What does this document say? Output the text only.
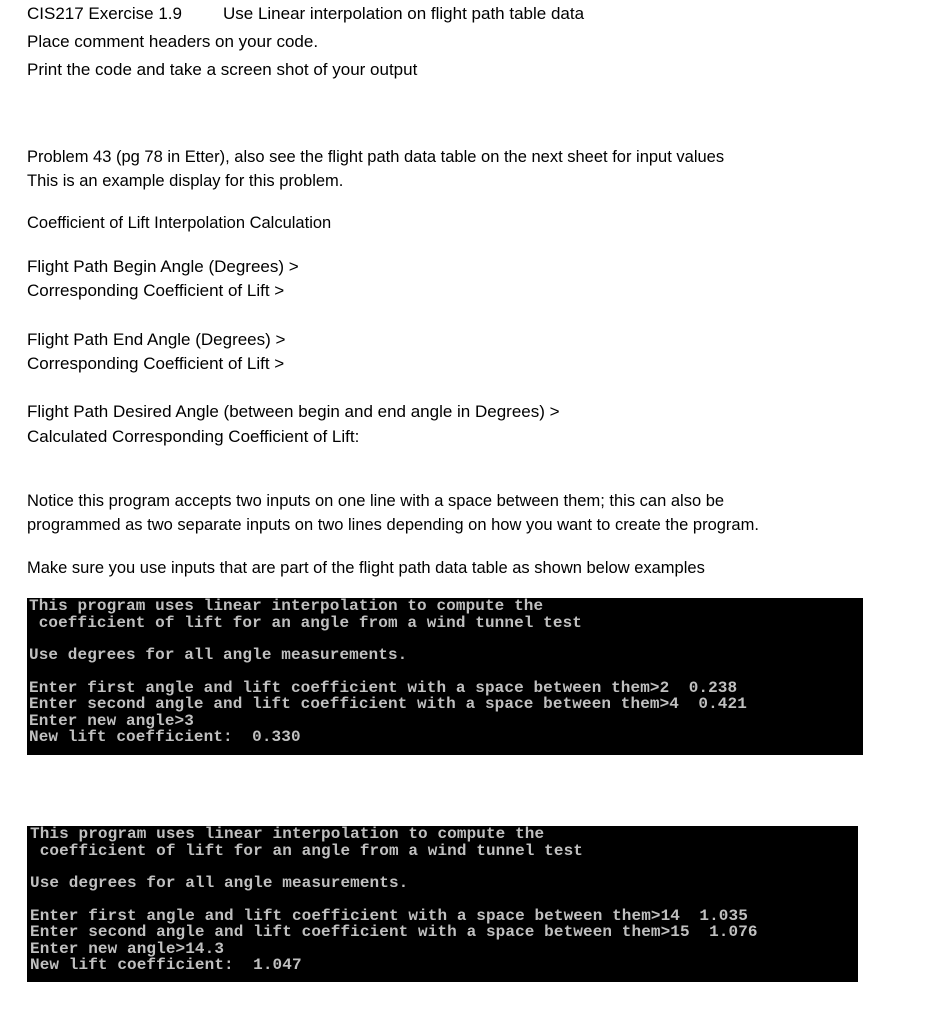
CIS217 Exercise 1.9 Use Linear interpolation on flight path table data
Place comment headers on your code.
Print the code and take a screen shot of your output
Problem 43 (pg 78 in Etter), also see the flight path data table on the next sheet for input values
This is an example display for this problem.
Coefficient of Lift Interpolation Calculation
Flight Path Begin Angle (Degrees) >
Corresponding Coefficient of Lift >
Flight Path End Angle (Degrees) >
Corresponding Coefficient of Lift >
Flight Path Desired Angle (between begin and end angle in Degrees) >
Calculated Corresponding Coefficient of Lift:
Notice this program accepts two inputs on one line with a space between them; this can also be
programmed as two separate inputs on two lines depending on how you want to create the program.
Make sure you use inputs that are part of the flight path data table as shown below examples
This program uses linear interpolation to compute the
coefficient of lift for an angle from a wind tunnel test
Use degrees for all angle measurements.
Enter first angle and lift coefficient with a space between them>2  0.238
Enter second angle and lift coefficient with a space between them>4  0.421
Enter new angle>3
New lift coefficient:  0.330
This program uses linear interpolation to compute the
coefficient of lift for an angle from a wind tunnel test
Use degrees for all angle measurements.
Enter first angle and lift coefficient with a space between them>14  1.035
Enter second angle and lift coefficient with a space between them>15  1.076
Enter new angle>14.3
New lift coefficient:  1.047
